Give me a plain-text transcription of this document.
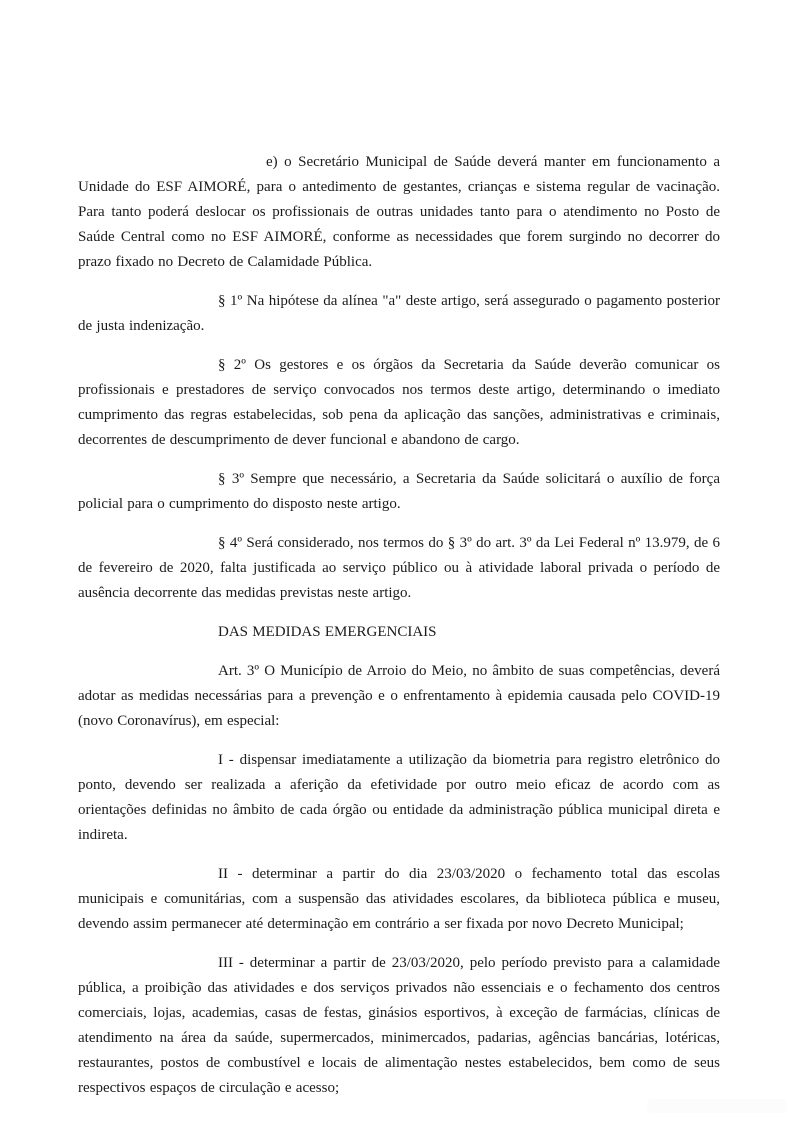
e) o Secretário Municipal de Saúde deverá manter em funcionamento a Unidade do ESF AIMORÉ, para o antedimento de gestantes, crianças e sistema regular de vacinação. Para tanto poderá deslocar os profissionais de outras unidades tanto para o atendimento no Posto de Saúde Central como no ESF AIMORÉ, conforme as necessidades que forem surgindo no decorrer do prazo fixado no Decreto de Calamidade Pública.

§ 1º Na hipótese da alínea "a" deste artigo, será assegurado o pagamento posterior de justa indenização.

§ 2º Os gestores e os órgãos da Secretaria da Saúde deverão comunicar os profissionais e prestadores de serviço convocados nos termos deste artigo, determinando o imediato cumprimento das regras estabelecidas, sob pena da aplicação das sanções, administrativas e criminais, decorrentes de descumprimento de dever funcional e abandono de cargo.

§ 3º Sempre que necessário, a Secretaria da Saúde solicitará o auxílio de força policial para o cumprimento do disposto neste artigo.

§ 4º Será considerado, nos termos do § 3º do art. 3º da Lei Federal nº 13.979, de 6 de fevereiro de 2020, falta justificada ao serviço público ou à atividade laboral privada o período de ausência decorrente das medidas previstas neste artigo.

DAS MEDIDAS EMERGENCIAIS

Art. 3º O Município de Arroio do Meio, no âmbito de suas competências, deverá adotar as medidas necessárias para a prevenção e o enfrentamento à epidemia causada pelo COVID-19 (novo Coronavírus), em especial:

I - dispensar imediatamente a utilização da biometria para registro eletrônico do ponto, devendo ser realizada a aferição da efetividade por outro meio eficaz de acordo com as orientações definidas no âmbito de cada órgão ou entidade da administração pública municipal direta e indireta.

II - determinar a partir do dia 23/03/2020 o fechamento total das escolas municipais e comunitárias, com a suspensão das atividades escolares, da biblioteca pública e museu, devendo assim permanecer até determinação em contrário a ser fixada por novo Decreto Municipal;

III - determinar a partir de 23/03/2020, pelo período previsto para a calamidade pública, a proibição das atividades e dos serviços privados não essenciais e o fechamento dos centros comerciais, lojas, academias, casas de festas, ginásios esportivos, à exceção de farmácias, clínicas de atendimento na área da saúde, supermercados, minimercados, padarias, agências bancárias, lotéricas, restaurantes, postos de combustível e locais de alimentação nestes estabelecidos, bem como de seus respectivos espaços de circulação e acesso;
